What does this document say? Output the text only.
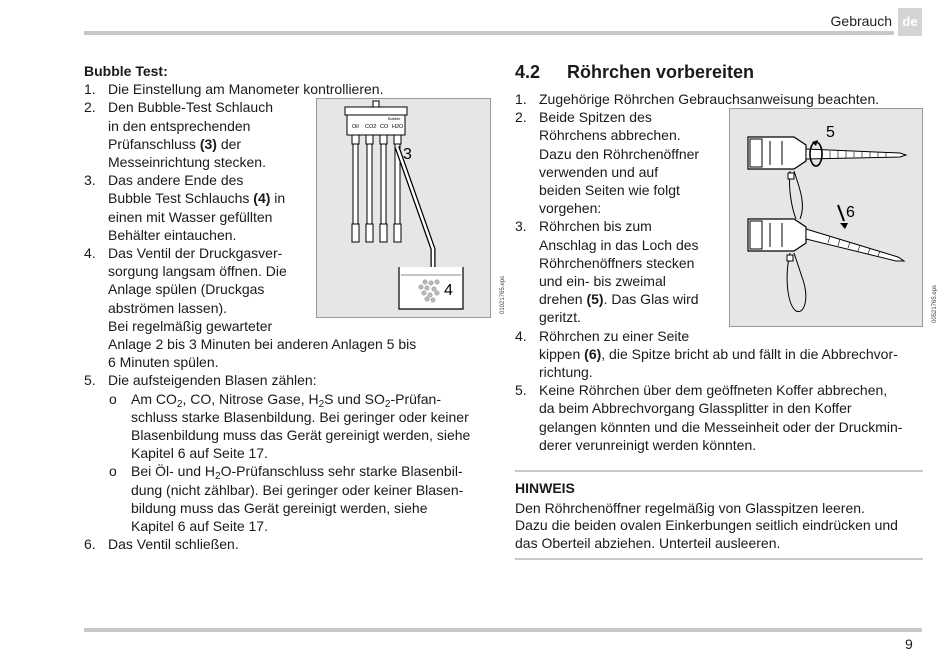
Gebrauch de
Bubble Test:
1. Die Einstellung am Manometer kontrollieren.
Bubble
Oil CO2 CO H2O
3
4	01021765.eps
2. Den Bubble-Test Schlauch
in den entsprechenden
Prüfanschluss (3) der
Messeinrichtung stecken.
3. Das andere Ende des
Bubble Test Schlauchs (4) in
einen mit Wasser gefüllten
Behälter eintauchen.
4. Das Ventil der Druckgasver-
sorgung langsam öffnen. Die
Anlage spülen (Druckgas
abströmen lassen).
Bei regelmäßig gewarteter
Anlage 2 bis 3 Minuten bei anderen Anlagen 5 bis
6 Minuten spülen.
5. Die aufsteigenden Blasen zählen:
o Am $CO_2$, CO, Nitrose Gase, $H_2S$ und $SO_2-Prüfan-$
schluss starke Blasenbildung. Bei geringer oder keiner
Blasenbildung muss das Gerät gereinigt werden, siehe
Kapitel 6 auf Seite 17.
o Bei Öl- und $H_2O$-Prüfanschluss sehr starke Blasenbil-
dung (nicht zählbar). Bei geringer oder keiner Blasen-
bildung muss das Gerät gereinigt werden, siehe
Kapitel 6 auf Seite 17.
6. Das Ventil schließen.
4.2 Röhrchen vorbereiten
1. Zugehörige Röhrchen Gebrauchsanweisung beachten.
5
6
00521765.eps
2. Beide Spitzen des
Röhrchens abbrechen.
Dazu den Röhrchenöffner
verwenden und auf
beiden Seiten wie folgt
vorgehen:
3. Röhrchen bis zum
Anschlag in das Loch des
Röhrchenöffners stecken
und ein- bis zweimal
drehen (5). Das Glas wird
geritzt.
4. Röhrchen zu einer Seite
kippen (6), die Spitze bricht ab und fällt in die Abbrechvor-
richtung.
5. Keine Röhrchen über dem geöffneten Koffer abbrechen,
da beim Abbrechvorgang Glassplitter in den Koffer
gelangen könnten und die Messeinheit oder der Druckmin-
derer verunreinigt werden könnten.
HINWEIS
Den Röhrchenöffner regelmäßig von Glasspitzen leeren.
Dazu die beiden ovalen Einkerbungen seitlich eindrücken und
das Oberteil abziehen. Unterteil ausleeren.
9
